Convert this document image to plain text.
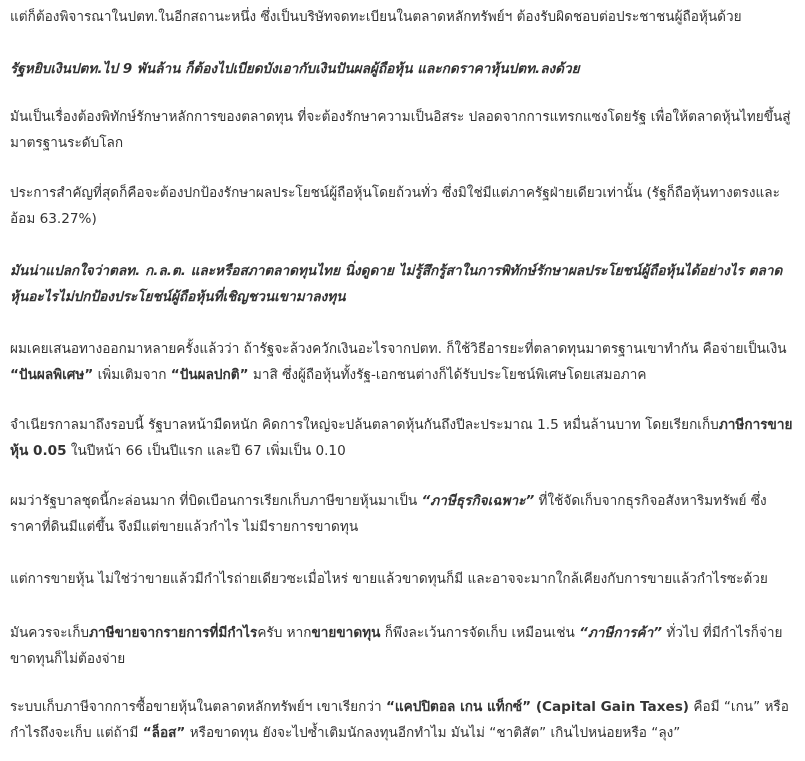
แต่ก็ต้องพิจารณาในปตท.ในอีกสถานะหนึ่ง ซึ่งเป็นบริษัทจดทะเบียนในตลาดหลักทรัพย์ฯ ต้องรับผิดชอบต่อประชาชนผู้ถือหุ้นด้วย

รัฐหยิบเงินปตท.ไป 9 พันล้าน ก็ต้องไปเบียดบังเอากับเงินปันผลผู้ถือหุ้น และกดราคาหุ้นปตท.ลงด้วย

มันเป็นเรื่องต้องพิทักษ์รักษาหลักการของตลาดทุน ที่จะต้องรักษาความเป็นอิสระ ปลอดจากการแทรกแซงโดยรัฐ เพื่อให้ตลาดหุ้นไทยขึ้นสู่มาตรฐานระดับโลก

ประการสำคัญที่สุดก็คือจะต้องปกป้องรักษาผลประโยชน์ผู้ถือหุ้นโดยถ้วนทั่ว ซึ่งมิใช่มีแต่ภาครัฐฝ่ายเดียวเท่านั้น (รัฐก็ถือหุ้นทางตรงและอ้อม 63.27%)

มันน่าแปลกใจว่าตลท. ก.ล.ต. และหรือสภาตลาดทุนไทย นิ่งดูดาย ไม่รู้สึกรู้สาในการพิทักษ์รักษาผลประโยชน์ผู้ถือหุ้นได้อย่างไร ตลาดหุ้นอะไรไม่ปกป้องประโยชน์ผู้ถือหุ้นที่เชิญชวนเขามาลงทุน

ผมเคยเสนอทางออกมาหลายครั้งแล้วว่า ถ้ารัฐจะล้วงควักเงินอะไรจากปตท. ก็ใช้วิธีอารยะที่ตลาดทุนมาตรฐานเขาทำกัน คือจ่ายเป็นเงิน “ปันผลพิเศษ” เพิ่มเติมจาก “ปันผลปกติ” มาสิ ซึ่งผู้ถือหุ้นทั้งรัฐ-เอกชนต่างก็ได้รับประโยชน์พิเศษโดยเสมอภาค

จำเนียรกาลมาถึงรอบนี้ รัฐบาลหน้ามืดหนัก คิดการใหญ่จะปล้นตลาดหุ้นกันถึงปีละประมาณ 1.5 หมื่นล้านบาท โดยเรียกเก็บภาษีการขายหุ้น 0.05 ในปีหน้า 66 เป็นปีแรก และปี 67 เพิ่มเป็น 0.10

ผมว่ารัฐบาลชุดนี้กะล่อนมาก ที่บิดเบือนการเรียกเก็บภาษีขายหุ้นมาเป็น “ภาษีธุรกิจเฉพาะ” ที่ใช้จัดเก็บจากธุรกิจอสังหาริมทรัพย์ ซึ่งราคาที่ดินมีแต่ขึ้น จึงมีแต่ขายแล้วกำไร ไม่มีรายการขาดทุน

แต่การขายหุ้น ไม่ใช่ว่าขายแล้วมีกำไรถ่ายเดียวซะเมื่อไหร่ ขายแล้วขาดทุนก็มี และอาจจะมากใกล้เคียงกับการขายแล้วกำไรซะด้วย

มันควรจะเก็บภาษีขายจากรายการที่มีกำไรครับ หากขายขาดทุน ก็พึงละเว้นการจัดเก็บ เหมือนเช่น “ภาษีการค้า” ทั่วไป ที่มีกำไรก็จ่าย ขาดทุนก็ไม่ต้องจ่าย

ระบบเก็บภาษีจากการซื้อขายหุ้นในตลาดหลักทรัพย์ฯ เขาเรียกว่า “แคปปิตอล เกน แท็กซ์” (Capital Gain Taxes) คือมี “เกน” หรือกำไรถึงจะเก็บ แต่ถ้ามี “ล็อส” หรือขาดทุน ยังจะไปซ้ำเติมนักลงทุนอีกทำไม มันไม่ “ชาติสัต” เกินไปหน่อยหรือ “ลุง”
